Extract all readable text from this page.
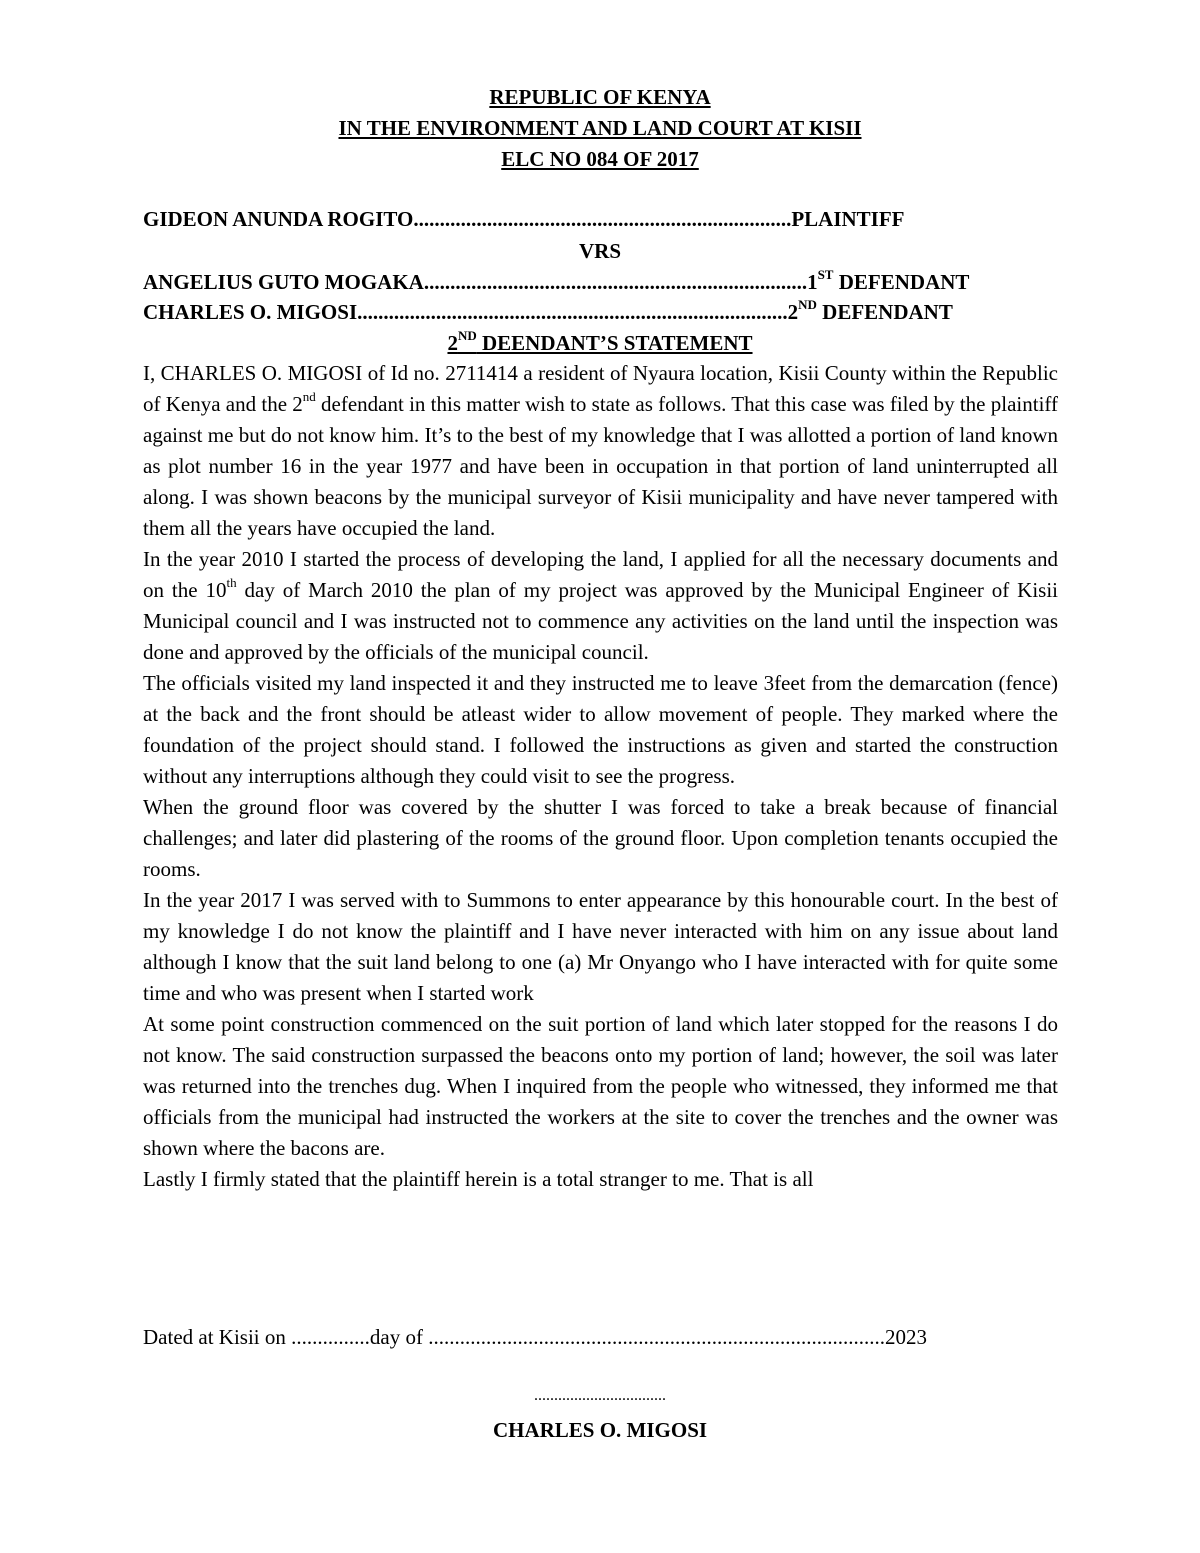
REPUBLIC OF KENYA
IN THE ENVIRONMENT AND LAND COURT AT KISII
ELC NO 084 OF 2017
GIDEON ANUNDA ROGITO........................................................................PLAINTIFF
VRS
ANGELIUS GUTO MOGAKA.........................................................................1ST DEFENDANT
CHARLES O. MIGOSI..................................................................................2ND DEFENDANT
2ND DEENDANT’S STATEMENT

I, CHARLES O. MIGOSI of Id no. 2711414 a resident of Nyaura location, Kisii County within the Republic of Kenya and the 2nd defendant in this matter wish to state as follows. That this case was filed by the plaintiff against me but do not know him. It’s to the best of my knowledge that I was allotted a portion of land known as plot number 16 in the year 1977 and have been in occupation in that portion of land uninterrupted all along. I was shown beacons by the municipal surveyor of Kisii municipality and have never tampered with them all the years have occupied the land.

In the year 2010 I started the process of developing the land, I applied for all the necessary documents and on the 10th day of March 2010 the plan of my project was approved by the Municipal Engineer of Kisii Municipal council and I was instructed not to commence any activities on the land until the inspection was done and approved by the officials of the municipal council.

The officials visited my land inspected it and they instructed me to leave 3feet from the demarcation (fence) at the back and the front should be atleast wider to allow movement of people. They marked where the foundation of the project should stand. I followed the instructions as given and started the construction without any interruptions although they could visit to see the progress.

When the ground floor was covered by the shutter I was forced to take a break because of financial challenges; and later did plastering of the rooms of the ground floor. Upon completion tenants occupied the rooms.

In the year 2017 I was served with to Summons to enter appearance by this honourable court. In the best of my knowledge I do not know the plaintiff and I have never interacted with him on any issue about land although I know that the suit land belong to one (a) Mr Onyango who I have interacted with for quite some time and who was present when I started work

At some point construction commenced on the suit portion of land which later stopped for the reasons I do not know. The said construction surpassed the beacons onto my portion of land; however, the soil was later was returned into the trenches dug. When I inquired from the people who witnessed, they informed me that officials from the municipal had instructed the workers at the site to cover the trenches and the owner was shown where the bacons are.

Lastly I firmly stated that the plaintiff herein is a total stranger to me. That is all

Dated at Kisii on ...............day of .......................................................................................2023
.................................
CHARLES O. MIGOSI
